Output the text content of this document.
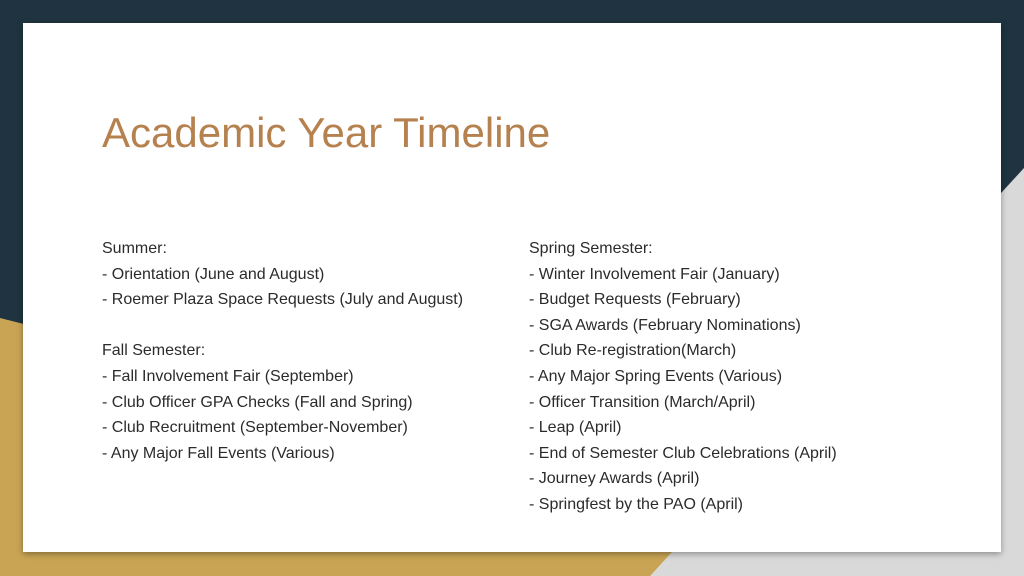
Academic Year Timeline
Summer:
- Orientation (June and August)
- Roemer Plaza Space Requests (July and August)
Fall Semester:
- Fall Involvement Fair (September)
- Club Officer GPA Checks (Fall and Spring)
- Club Recruitment (September-November)
- Any Major Fall Events (Various)
Spring Semester:
- Winter Involvement Fair (January)
- Budget Requests (February)
- SGA Awards (February Nominations)
- Club Re-registration(March)
- Any Major Spring Events (Various)
- Officer Transition (March/April)
- Leap (April)
- End of Semester Club Celebrations (April)
- Journey Awards (April)
- Springfest by the PAO (April)
